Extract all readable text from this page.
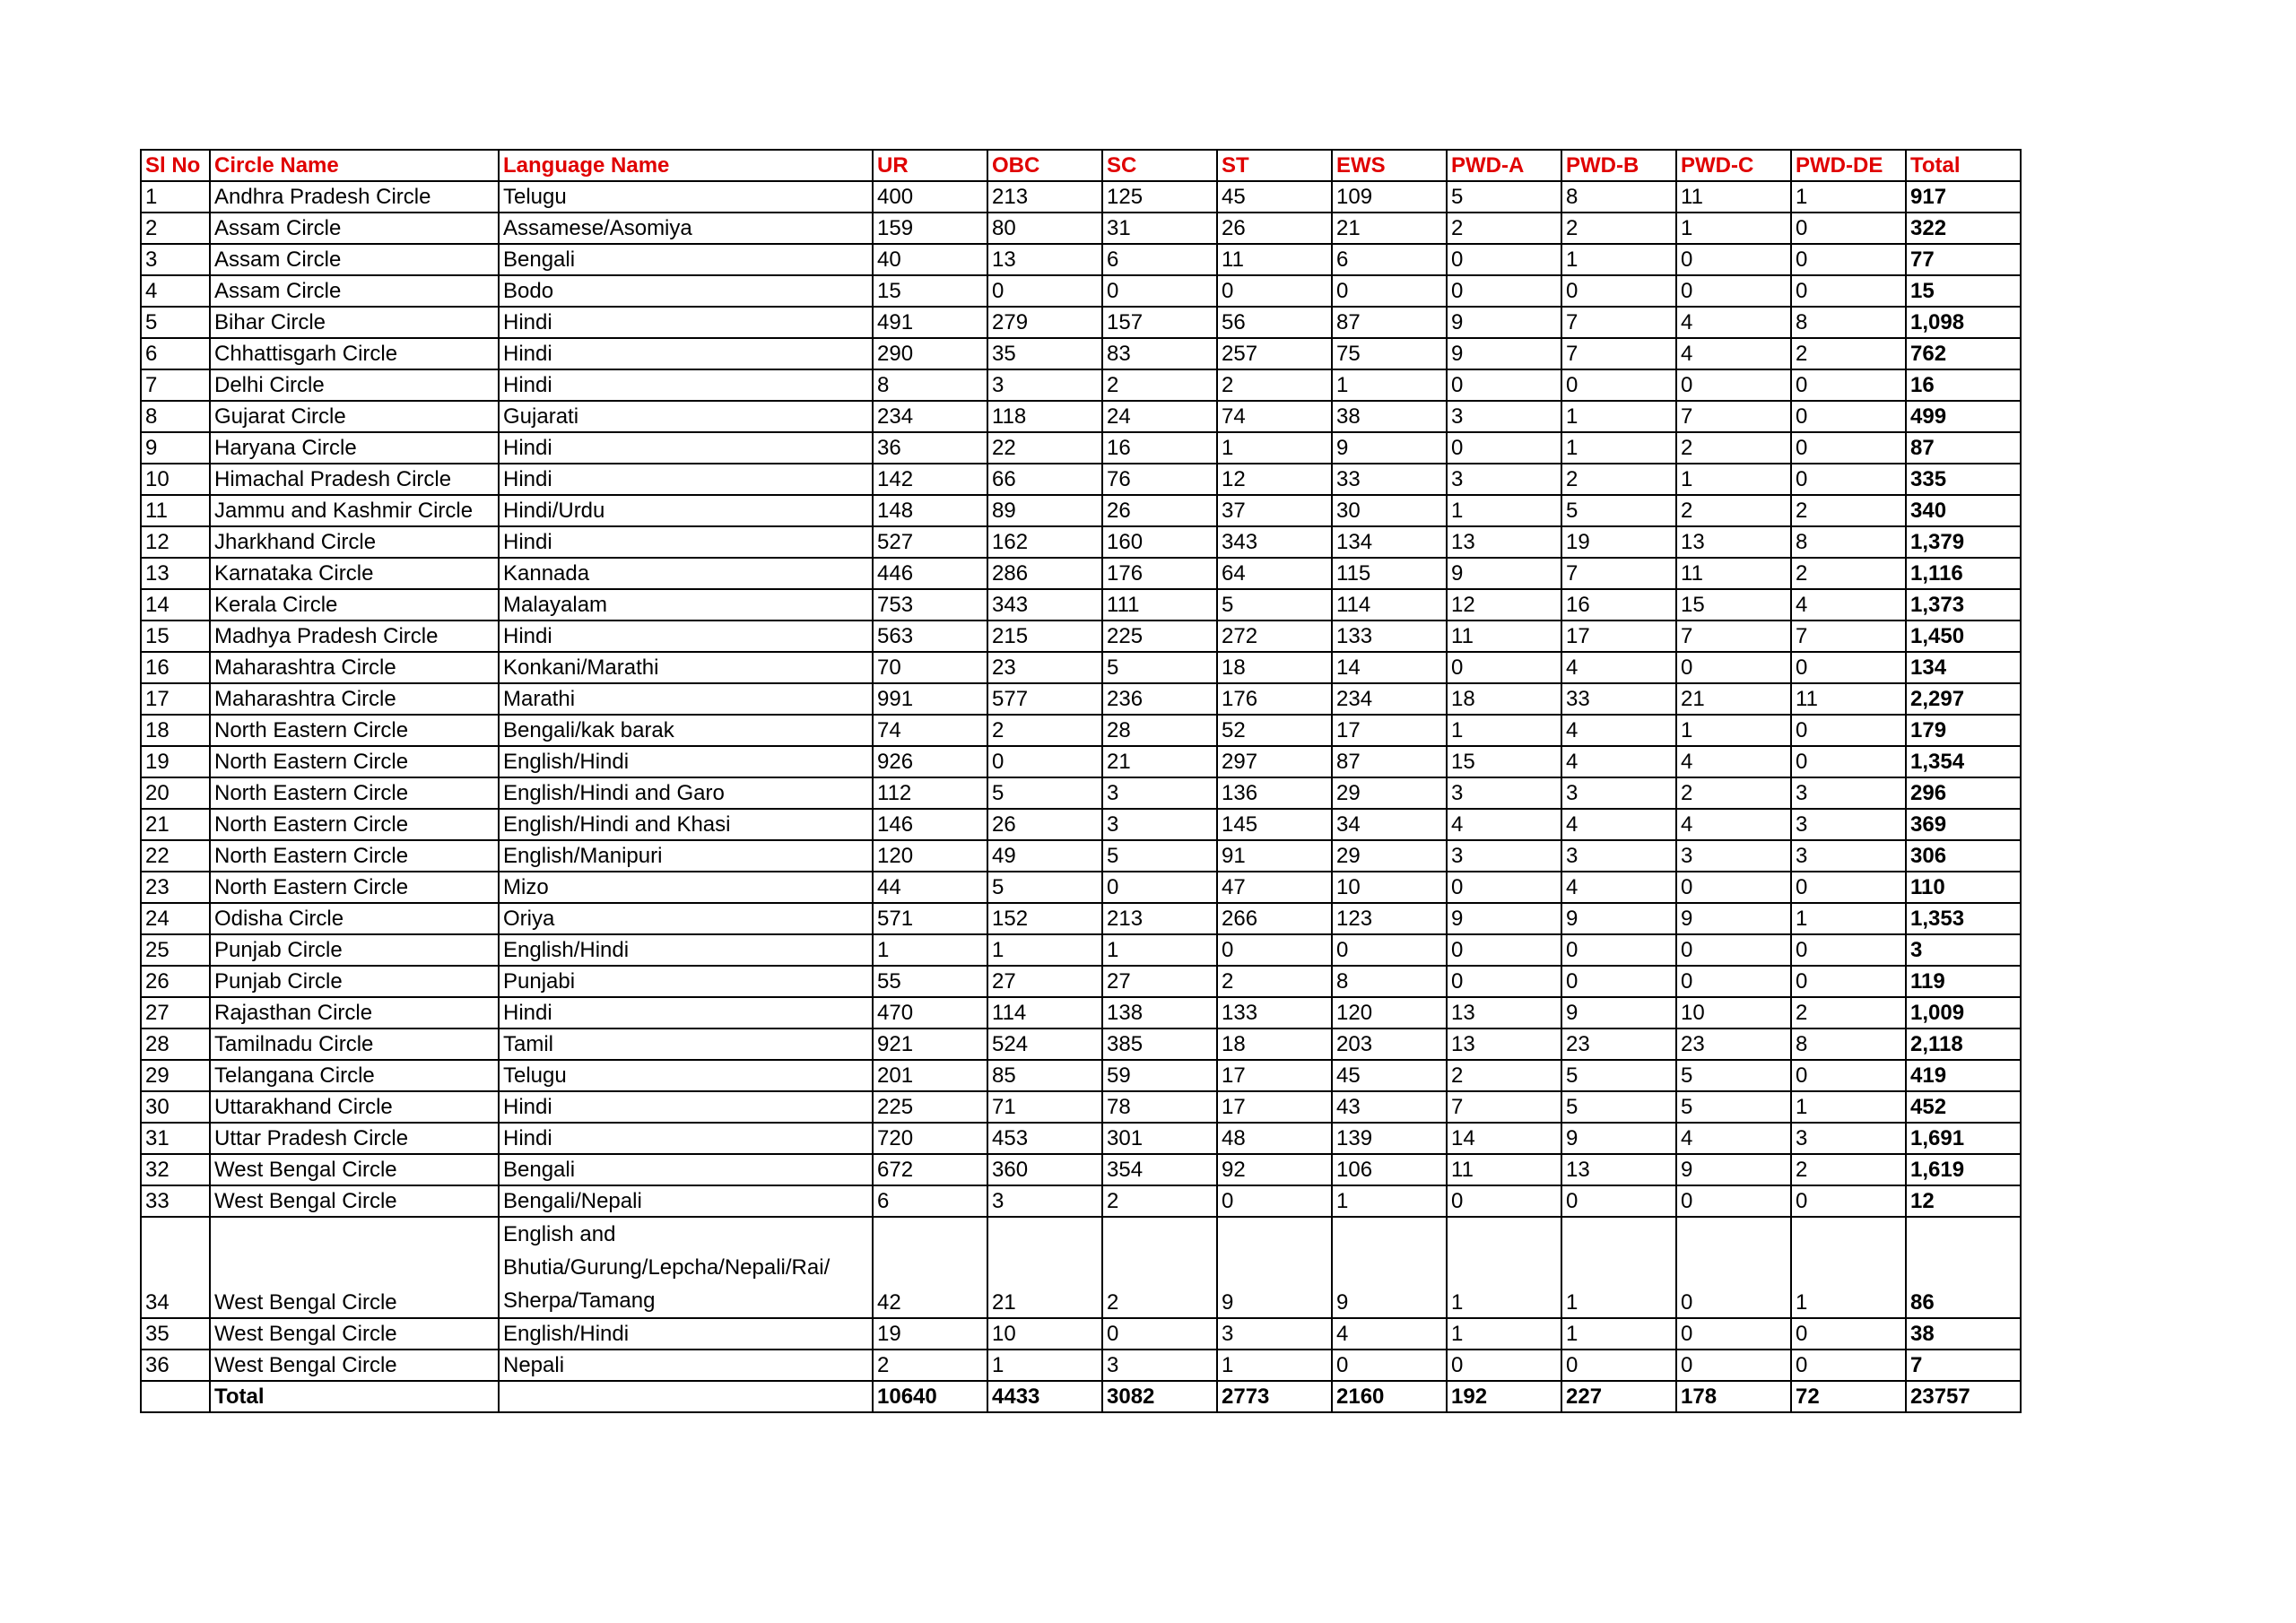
Sl No	Circle Name	Language Name	UR	OBC	SC	ST	EWS	PWD-A	PWD-B	PWD-C	PWD-DE	Total
1	Andhra Pradesh Circle	Telugu	400	213	125	45	109	5	8	11	1	917
2	Assam Circle	Assamese/Asomiya	159	80	31	26	21	2	2	1	0	322
3	Assam Circle	Bengali	40	13	6	11	6	0	1	0	0	77
4	Assam Circle	Bodo	15	0	0	0	0	0	0	0	0	15
5	Bihar Circle	Hindi	491	279	157	56	87	9	7	4	8	1,098
6	Chhattisgarh Circle	Hindi	290	35	83	257	75	9	7	4	2	762
7	Delhi Circle	Hindi	8	3	2	2	1	0	0	0	0	16
8	Gujarat Circle	Gujarati	234	118	24	74	38	3	1	7	0	499
9	Haryana Circle	Hindi	36	22	16	1	9	0	1	2	0	87
10	Himachal Pradesh Circle	Hindi	142	66	76	12	33	3	2	1	0	335
11	Jammu and Kashmir Circle	Hindi/Urdu	148	89	26	37	30	1	5	2	2	340
12	Jharkhand Circle	Hindi	527	162	160	343	134	13	19	13	8	1,379
13	Karnataka Circle	Kannada	446	286	176	64	115	9	7	11	2	1,116
14	Kerala Circle	Malayalam	753	343	111	5	114	12	16	15	4	1,373
15	Madhya Pradesh Circle	Hindi	563	215	225	272	133	11	17	7	7	1,450
16	Maharashtra Circle	Konkani/Marathi	70	23	5	18	14	0	4	0	0	134
17	Maharashtra Circle	Marathi	991	577	236	176	234	18	33	21	11	2,297
18	North Eastern Circle	Bengali/kak barak	74	2	28	52	17	1	4	1	0	179
19	North Eastern Circle	English/Hindi	926	0	21	297	87	15	4	4	0	1,354
20	North Eastern Circle	English/Hindi and Garo	112	5	3	136	29	3	3	2	3	296
21	North Eastern Circle	English/Hindi and Khasi	146	26	3	145	34	4	4	4	3	369
22	North Eastern Circle	English/Manipuri	120	49	5	91	29	3	3	3	3	306
23	North Eastern Circle	Mizo	44	5	0	47	10	0	4	0	0	110
24	Odisha Circle	Oriya	571	152	213	266	123	9	9	9	1	1,353
25	Punjab Circle	English/Hindi	1	1	1	0	0	0	0	0	0	3
26	Punjab Circle	Punjabi	55	27	27	2	8	0	0	0	0	119
27	Rajasthan Circle	Hindi	470	114	138	133	120	13	9	10	2	1,009
28	Tamilnadu Circle	Tamil	921	524	385	18	203	13	23	23	8	2,118
29	Telangana Circle	Telugu	201	85	59	17	45	2	5	5	0	419
30	Uttarakhand Circle	Hindi	225	71	78	17	43	7	5	5	1	452
31	Uttar Pradesh Circle	Hindi	720	453	301	48	139	14	9	4	3	1,691
32	West Bengal Circle	Bengali	672	360	354	92	106	11	13	9	2	1,619
33	West Bengal Circle	Bengali/Nepali	6	3	2	0	1	0	0	0	0	12
34	West Bengal Circle	English and
Bhutia/Gurung/Lepcha/Nepali/Rai/
Sherpa/Tamang	42	21	2	9	9	1	1	0	1	86
35	West Bengal Circle	English/Hindi	19	10	0	3	4	1	1	0	0	38
36	West Bengal Circle	Nepali	2	1	3	1	0	0	0	0	0	7
	Total		10640	4433	3082	2773	2160	192	227	178	72	23757
